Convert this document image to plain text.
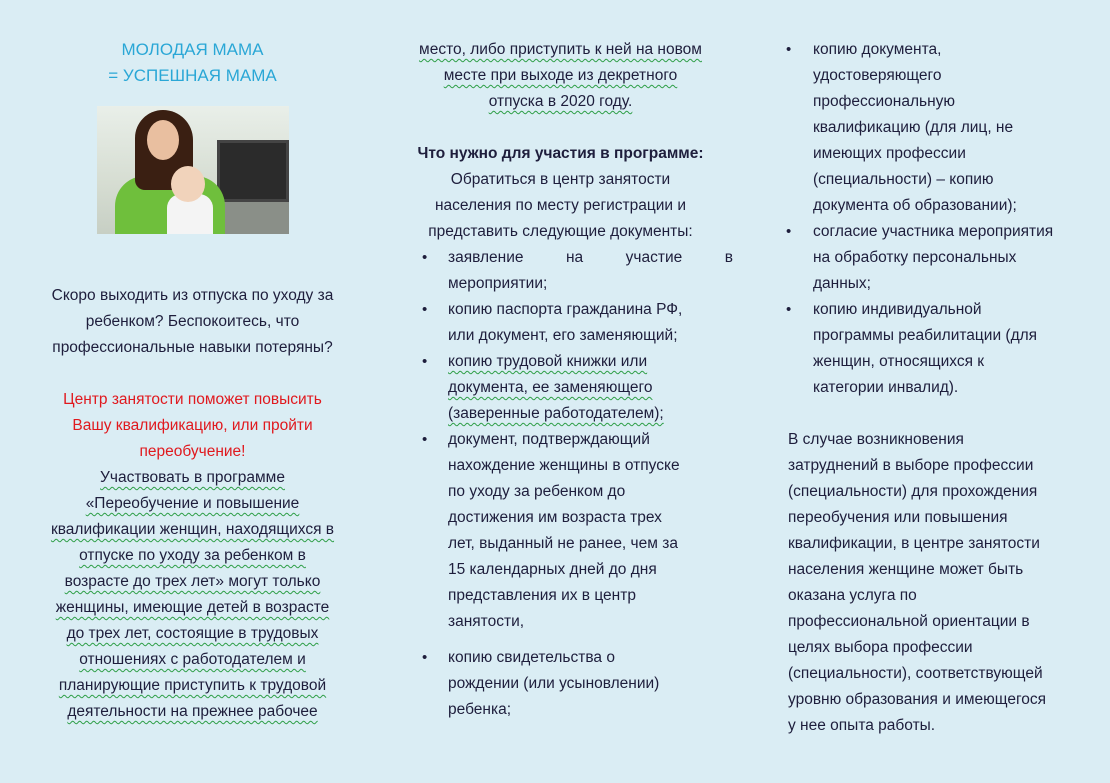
МОЛОДАЯ МАМА
= УСПЕШНАЯ МАМА

Скоро выходить из отпуска по уходу за

ребенком? Беспокоитесь, что

профессиональные навыки потеряны?

Центр занятости поможет повысить

Вашу квалификацию, или пройти

переобучение!

Участвовать в программе

«Переобучение и повышение

квалификации женщин, находящихся в

отпуске по уходу за ребенком в

возрасте до трех лет» могут только

женщины, имеющие детей в возрасте

до трех лет, состоящие в трудовых

отношениях с работодателем и

планирующие приступить к трудовой

деятельности на прежнее рабочее

место, либо приступить к ней на новом

месте при выходе из декретного

отпуска в 2020 году.

Что нужно для участия в программе:

Обратиться в центр занятости

населения по месту регистрации и

представить следующие документы:

• заявление на участие в
мероприятии;
• копию паспорта гражданина РФ,
или документ, его заменяющий;
• копию трудовой книжки или
документа, ее заменяющего
(заверенные работодателем);
• документ, подтверждающий
нахождение женщины в отпуске
по уходу за ребенком до
достижения им возраста трех
лет, выданный не ранее, чем за
15 календарных дней до дня
представления их в центр
занятости,
• копию свидетельства о
рождении (или усыновлении)
ребенка;
• копию документа,
удостоверяющего
профессиональную
квалификацию (для лиц, не
имеющих профессии
(специальности) – копию
документа об образовании);
• согласие участника мероприятия
на обработку персональных
данных;
• копию индивидуальной
программы реабилитации (для
женщин, относящихся к
категории инвалид).

В случае возникновения

затруднений в выборе профессии

(специальности) для прохождения

переобучения или повышения

квалификации, в центре занятости

населения женщине может быть

оказана услуга по

профессиональной ориентации в

целях выбора профессии

(специальности), соответствующей

уровню образования и имеющегося

у нее опыта работы.
